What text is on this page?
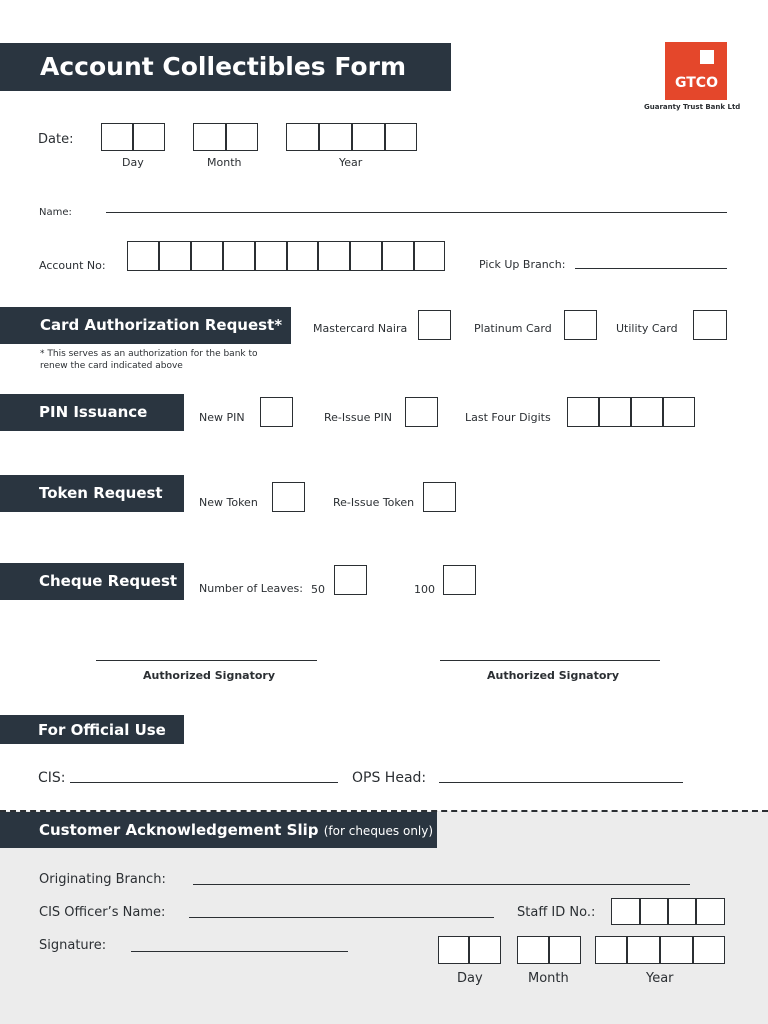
Account Collectibles Form
GTCO
Guaranty Trust Bank Ltd
Date:
Day	Month	Year
Name:
Account No:	Pick Up Branch:
Card Authorization Request*
* This serves as an authorization for the bank to
renew the card indicated above
Mastercard Naira	Platinum Card	Utility Card
PIN Issuance	New PIN	Re-Issue PIN	Last Four Digits
Token Request
New Token	Re-Issue Token
Cheque Request	Number of Leaves: 50	100
Authorized Signatory	Authorized Signatory
For Official Use
CIS:	OPS Head:
Customer Acknowledgement Slip (for cheques only)
Originating Branch:
CIS Officer’s Name:	Staff ID No.:
Signature:
Day	Month	Year
